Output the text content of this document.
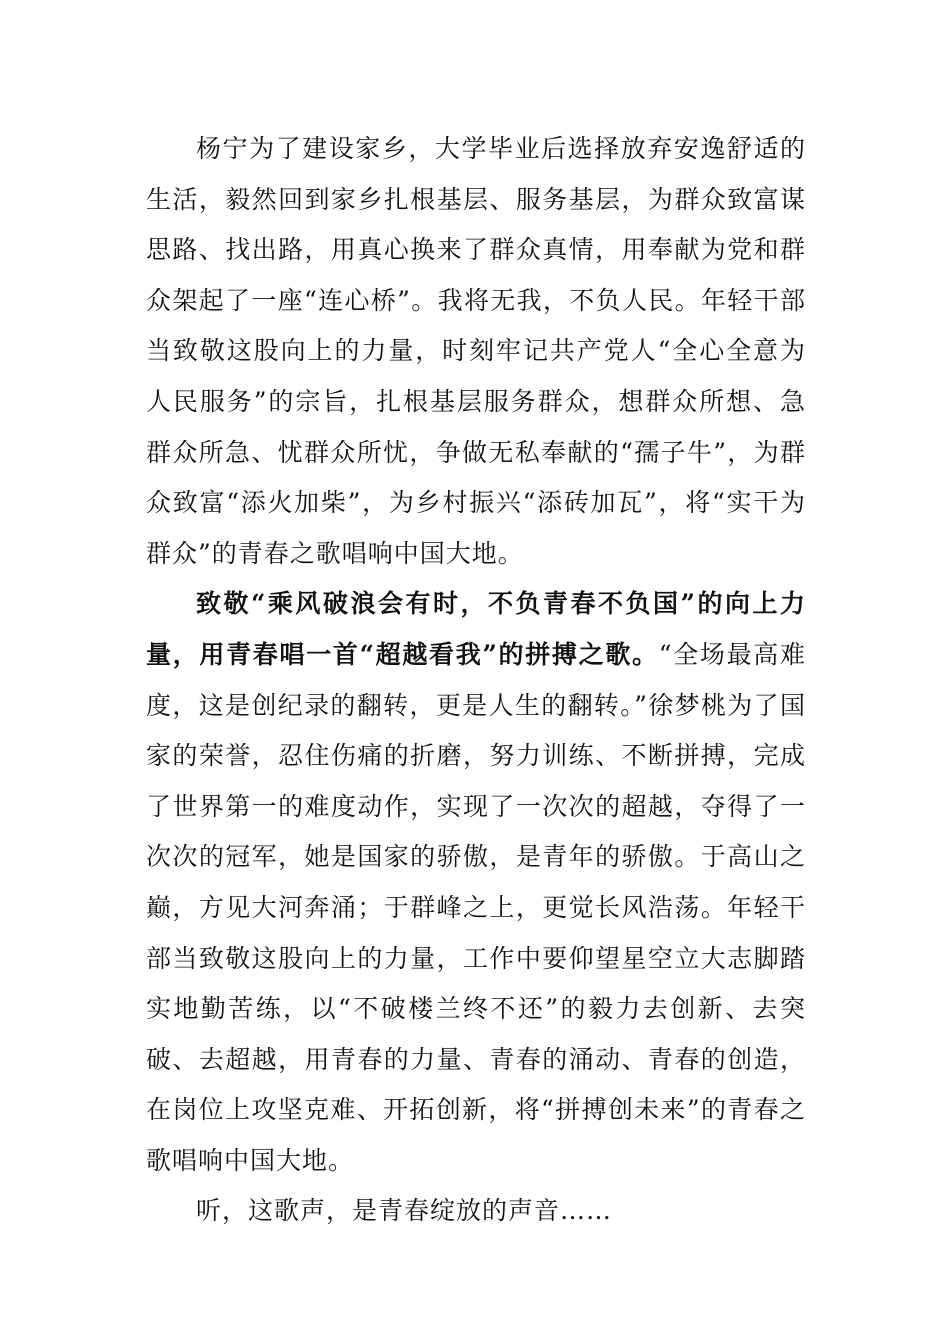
杨宁为了建设家乡，大学毕业后选择放弃安逸舒适的生活，毅然回到家乡扎根基层、服务基层，为群众致富谋思路、找出路，用真心换来了群众真情，用奉献为党和群众架起了一座“连心桥”。我将无我，不负人民。年轻干部当致敬这股向上的力量，时刻牢记共产党人“全心全意为人民服务”的宗旨，扎根基层服务群众，想群众所想、急群众所急、忧群众所忧，争做无私奉献的“孺子牛”，为群众致富“添火加柴”，为乡村振兴“添砖加瓦”，将“实干为群众”的青春之歌唱响中国大地。

致敬“乘风破浪会有时，不负青春不负国”的向上力量，用青春唱一首“超越看我”的拼搏之歌。“全场最高难度，这是创纪录的翻转，更是人生的翻转。”徐梦桃为了国家的荣誉，忍住伤痛的折磨，努力训练、不断拼搏，完成了世界第一的难度动作，实现了一次次的超越，夺得了一次次的冠军，她是国家的骄傲，是青年的骄傲。于高山之巅，方见大河奔涌；于群峰之上，更觉长风浩荡。年轻干部当致敬这股向上的力量，工作中要仰望星空立大志脚踏实地勤苦练，以“不破楼兰终不还”的毅力去创新、去突破、去超越，用青春的力量、青春的涌动、青春的创造，在岗位上攻坚克难、开拓创新，将“拼搏创未来”的青春之歌唱响中国大地。

听，这歌声，是青春绽放的声音……
